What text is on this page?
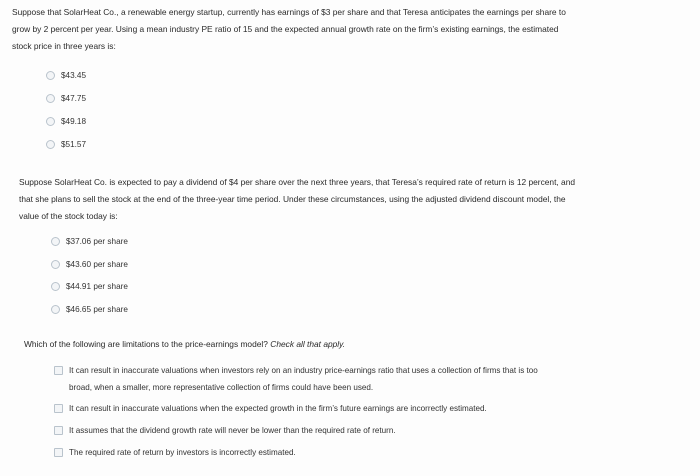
Suppose that SolarHeat Co., a renewable energy startup, currently has earnings of $3 per share and that Teresa anticipates the earnings per share to

grow by 2 percent per year. Using a mean industry PE ratio of 15 and the expected annual growth rate on the firm’s existing earnings, the estimated

stock price in three years is:

$43.45
$47.75
$49.18
$51.57

Suppose SolarHeat Co. is expected to pay a dividend of $4 per share over the next three years, that Teresa’s required rate of return is 12 percent, and

that she plans to sell the stock at the end of the three-year time period. Under these circumstances, using the adjusted dividend discount model, the

value of the stock today is:

$37.06 per share
$43.60 per share
$44.91 per share
$46.65 per share

Which of the following are limitations to the price-earnings model? Check all that apply.

It can result in inaccurate valuations when investors rely on an industry price-earnings ratio that uses a collection of firms that is too
broad, when a smaller, more representative collection of firms could have been used.
It can result in inaccurate valuations when the expected growth in the firm’s future earnings are incorrectly estimated.
It assumes that the dividend growth rate will never be lower than the required rate of return.
The required rate of return by investors is incorrectly estimated.
